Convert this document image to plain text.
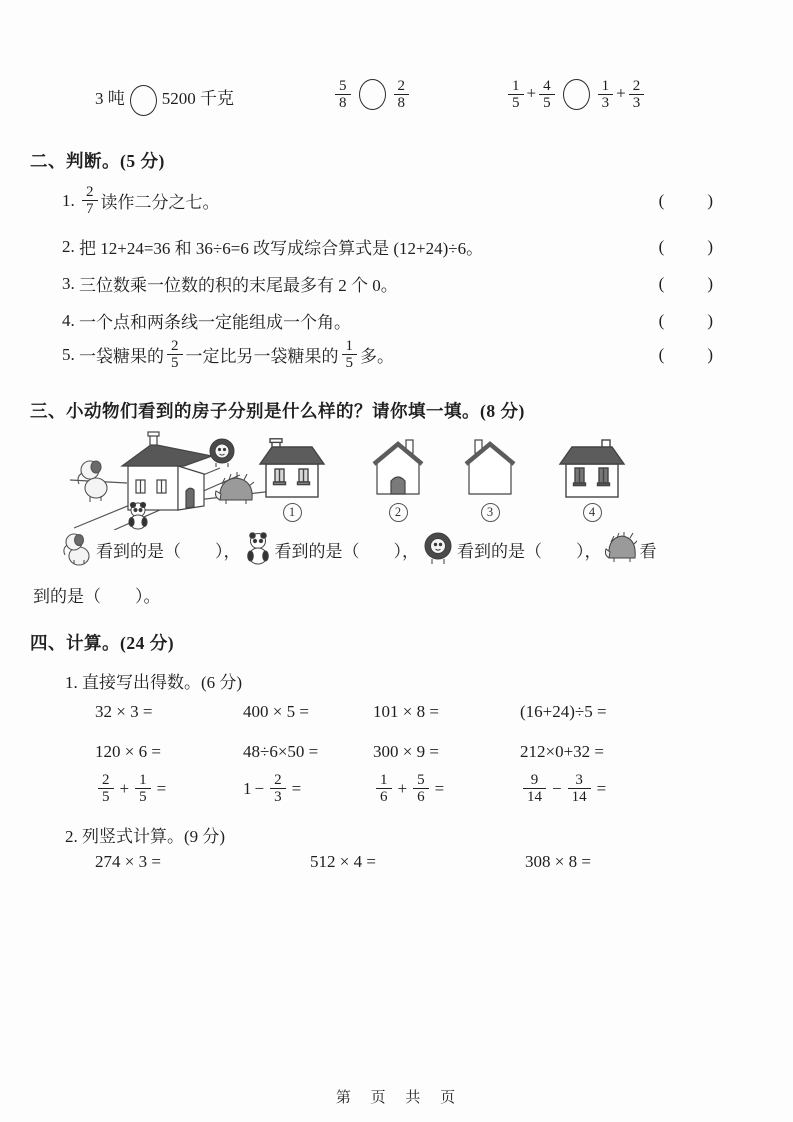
3 吨 5200 千克	$\frac{5}{8}$	$\frac{2}{8}$	$\frac{1}{5} + \frac{4}{5}$	$\frac{1}{3} + \frac{2}{3}$
二、判断。(5 分)
1.
$\frac{2}{7}$ 读作二分之七。	(        )
2.
把 12+24=36 和 36÷6=6 改写成综合算式是 (12+24)÷6。	(        )
3.
三位数乘一位数的积的末尾最多有 2 个 0。	(        )
4.
一个点和两条线一定能组成一个角。	(        )
5.
一袋糖果的 $\frac{2}{5}$ 一定比另一袋糖果的 $\frac{1}{5}$ 多。	(        )
三、小动物们看到的房子分别是什么样的？请你填一填。(8 分)
1	2	3	4
看到的是（　　）， 看到的是（　　）， 看到的是（　　）， 看
到的是（　　）。
四、计算。(24 分)
1. 直接写出得数。(6 分)
32 × 3 =	400 × 5 =	101 × 8 =	(16+24)÷5 =
120 × 6 =	48÷6×50 =	300 × 9 =	212×0+32 =
$\frac{2}{5} + \frac{1}{5}$ =	$1 - \frac{2}{3}$ =	$\frac{1}{6} + \frac{5}{6}$ =	$\frac{9}{14} - \frac{3}{14}$ =
2. 列竖式计算。(9 分)
274 × 3 =	512 × 4 =	308 × 8 =
第 页 共 页
